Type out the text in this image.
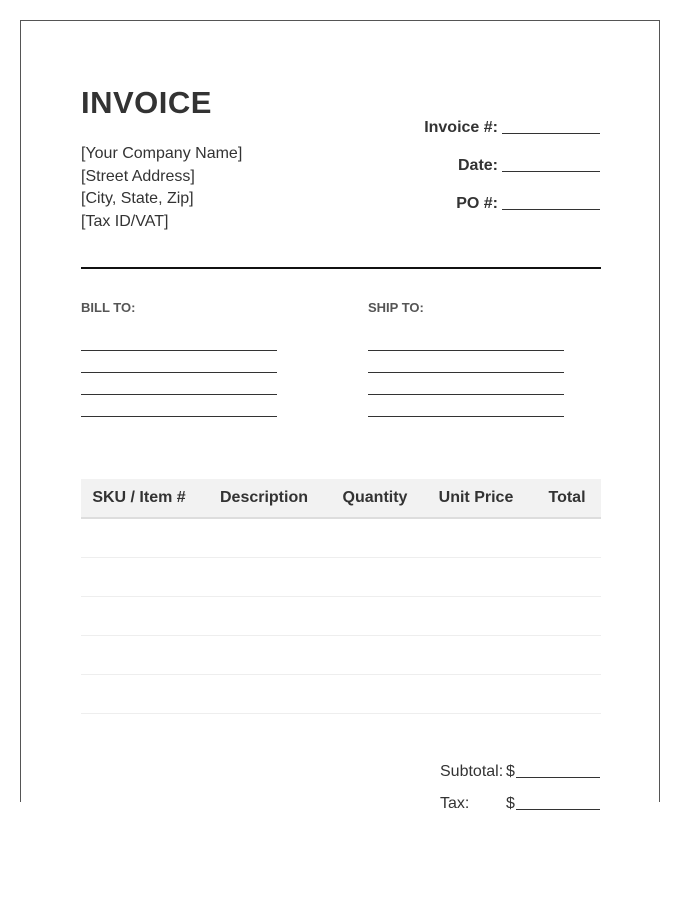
INVOICE
[Your Company Name]
[Street Address]
[City, State, Zip]
[Tax ID/VAT]
Invoice #:
Date:
PO #:
BILL TO:	SHIP TO:
SKU / Item #	Description	Quantity	Unit Price	Total
Subtotal: $
Tax:	$
